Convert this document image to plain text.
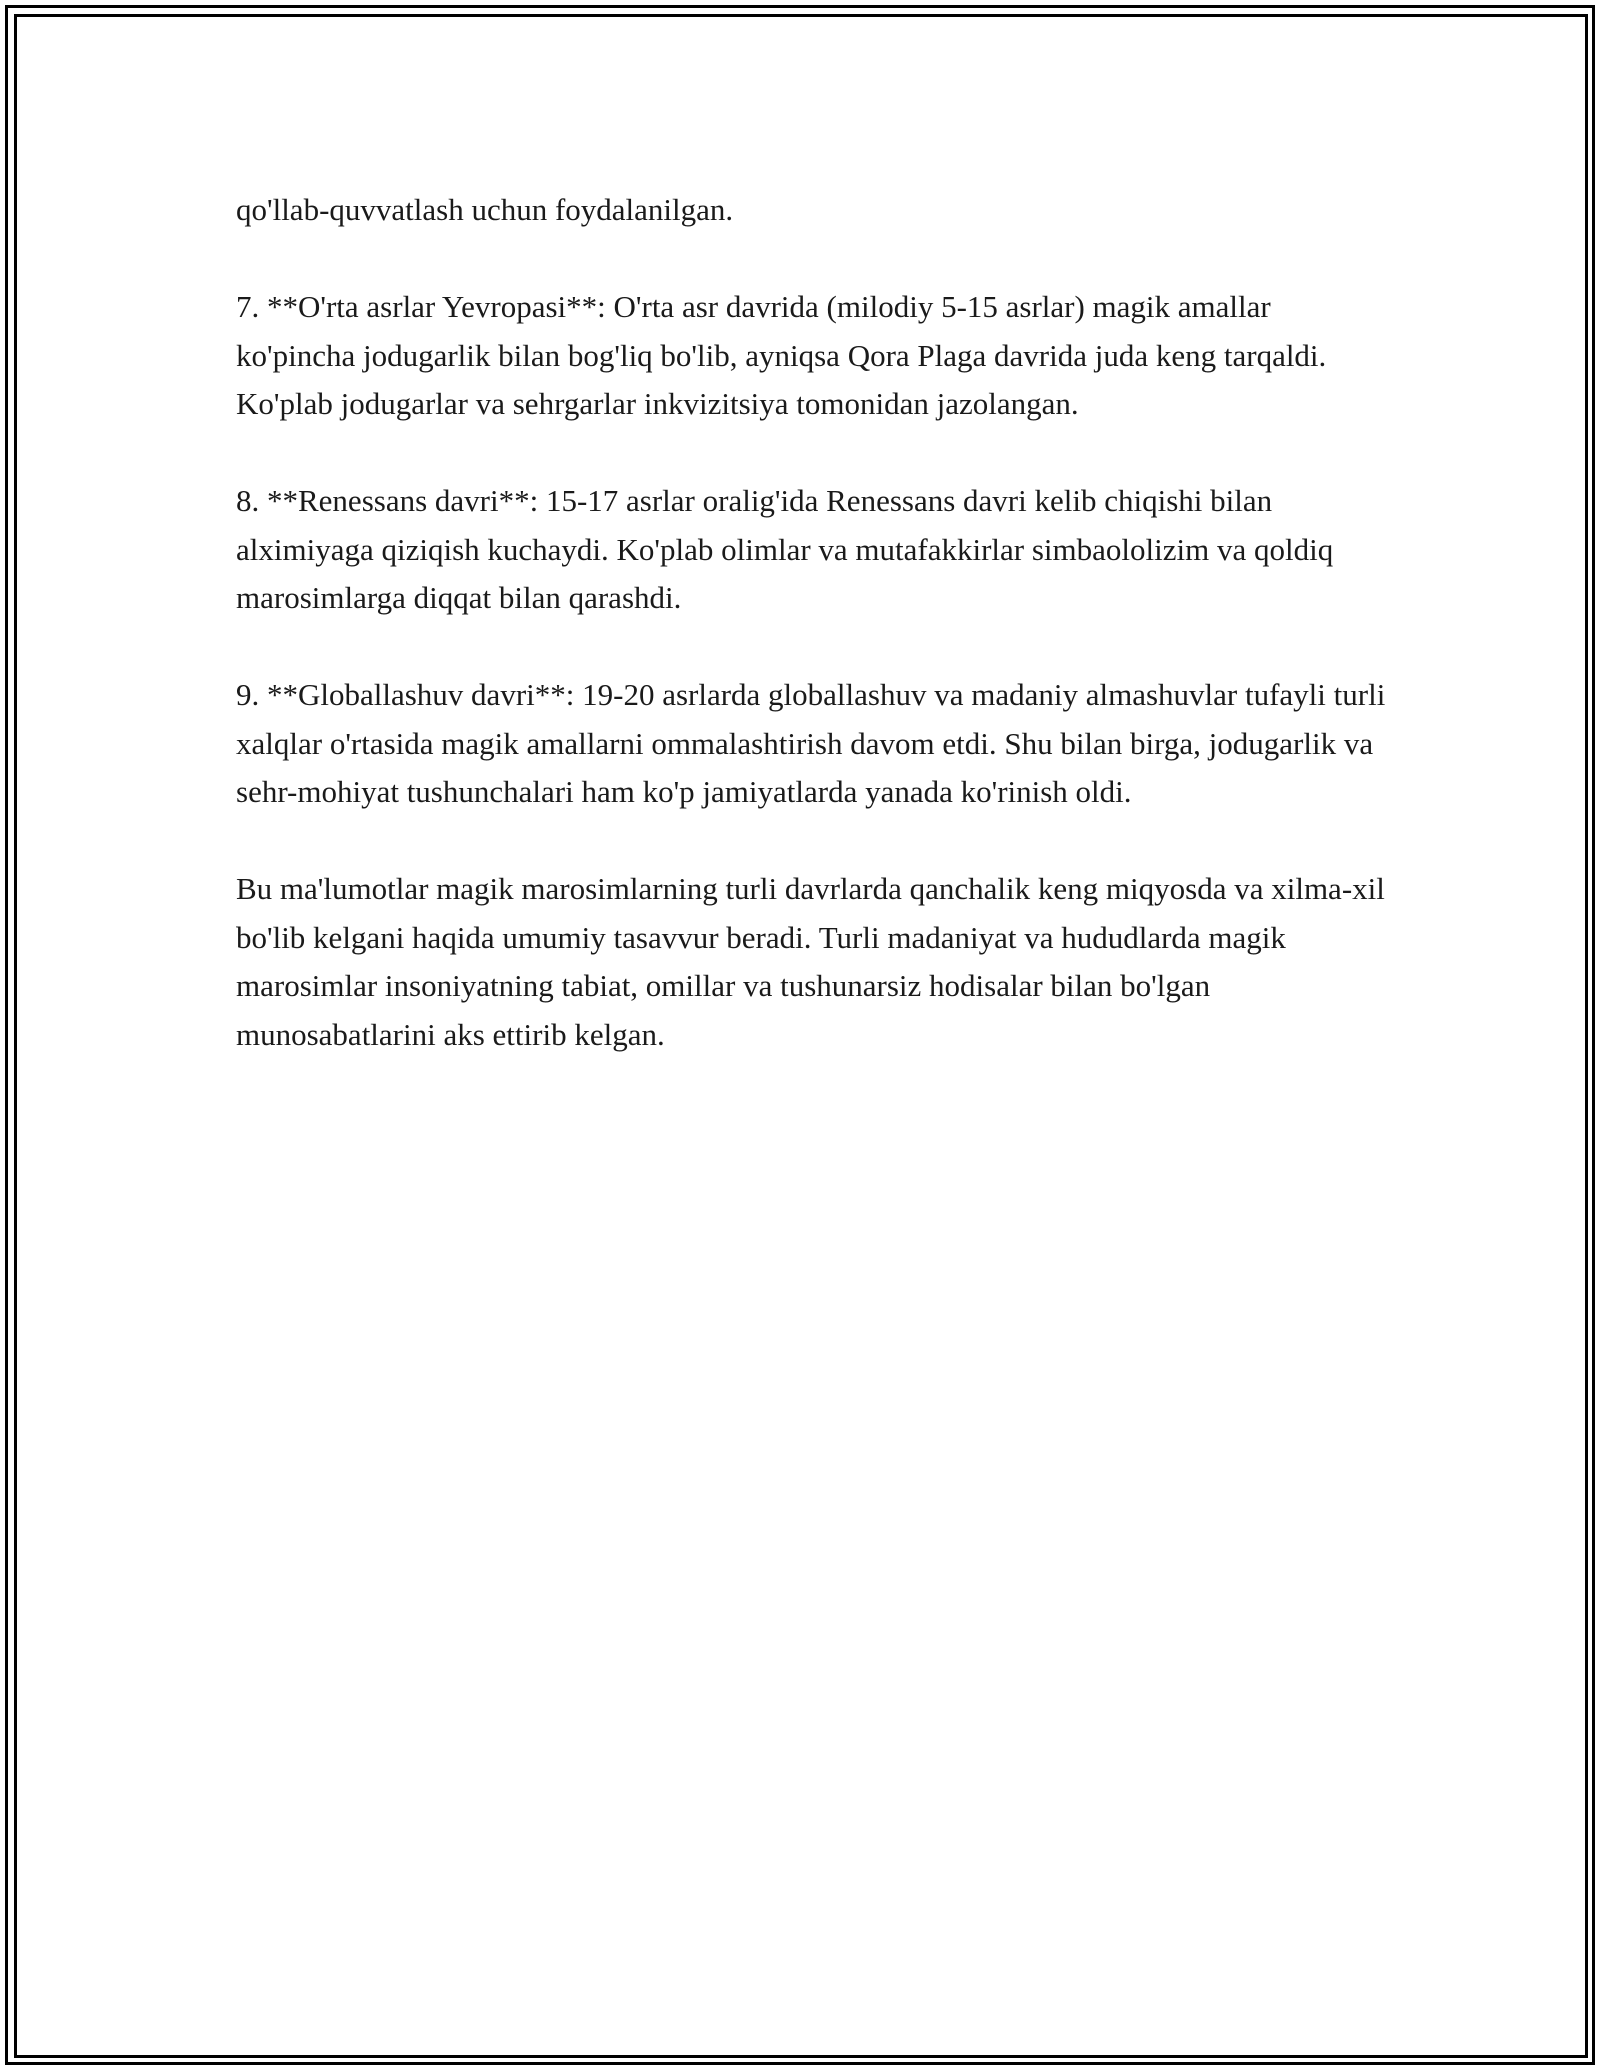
qo'llab-quvvatlash uchun foydalanilgan.

7. **O'rta asrlar Yevropasi**: O'rta asr davrida (milodiy 5-15 asrlar) magik amallar ko'pincha jodugarlik bilan bog'liq bo'lib, ayniqsa Qora Plaga davrida juda keng tarqaldi. Ko'plab jodugarlar va sehrgarlar inkvizitsiya tomonidan jazolangan.

8. **Renessans davri**: 15-17 asrlar oralig'ida Renessans davri kelib chiqishi bilan alximiyaga qiziqish kuchaydi. Ko'plab olimlar va mutafakkirlar simbaololizim va qoldiq marosimlarga diqqat bilan qarashdi.

9. **Globallashuv davri**: 19-20 asrlarda globallashuv va madaniy almashuvlar tufayli turli xalqlar o'rtasida magik amallarni ommalashtirish davom etdi. Shu bilan birga, jodugarlik va sehr-mohiyat tushunchalari ham ko'p jamiyatlarda yanada ko'rinish oldi.

Bu ma'lumotlar magik marosimlarning turli davrlarda qanchalik keng miqyosda va xilma-xil bo'lib kelgani haqida umumiy tasavvur beradi. Turli madaniyat va hududlarda magik marosimlar insoniyatning tabiat, omillar va tushunarsiz hodisalar bilan bo'lgan munosabatlarini aks ettirib kelgan.
